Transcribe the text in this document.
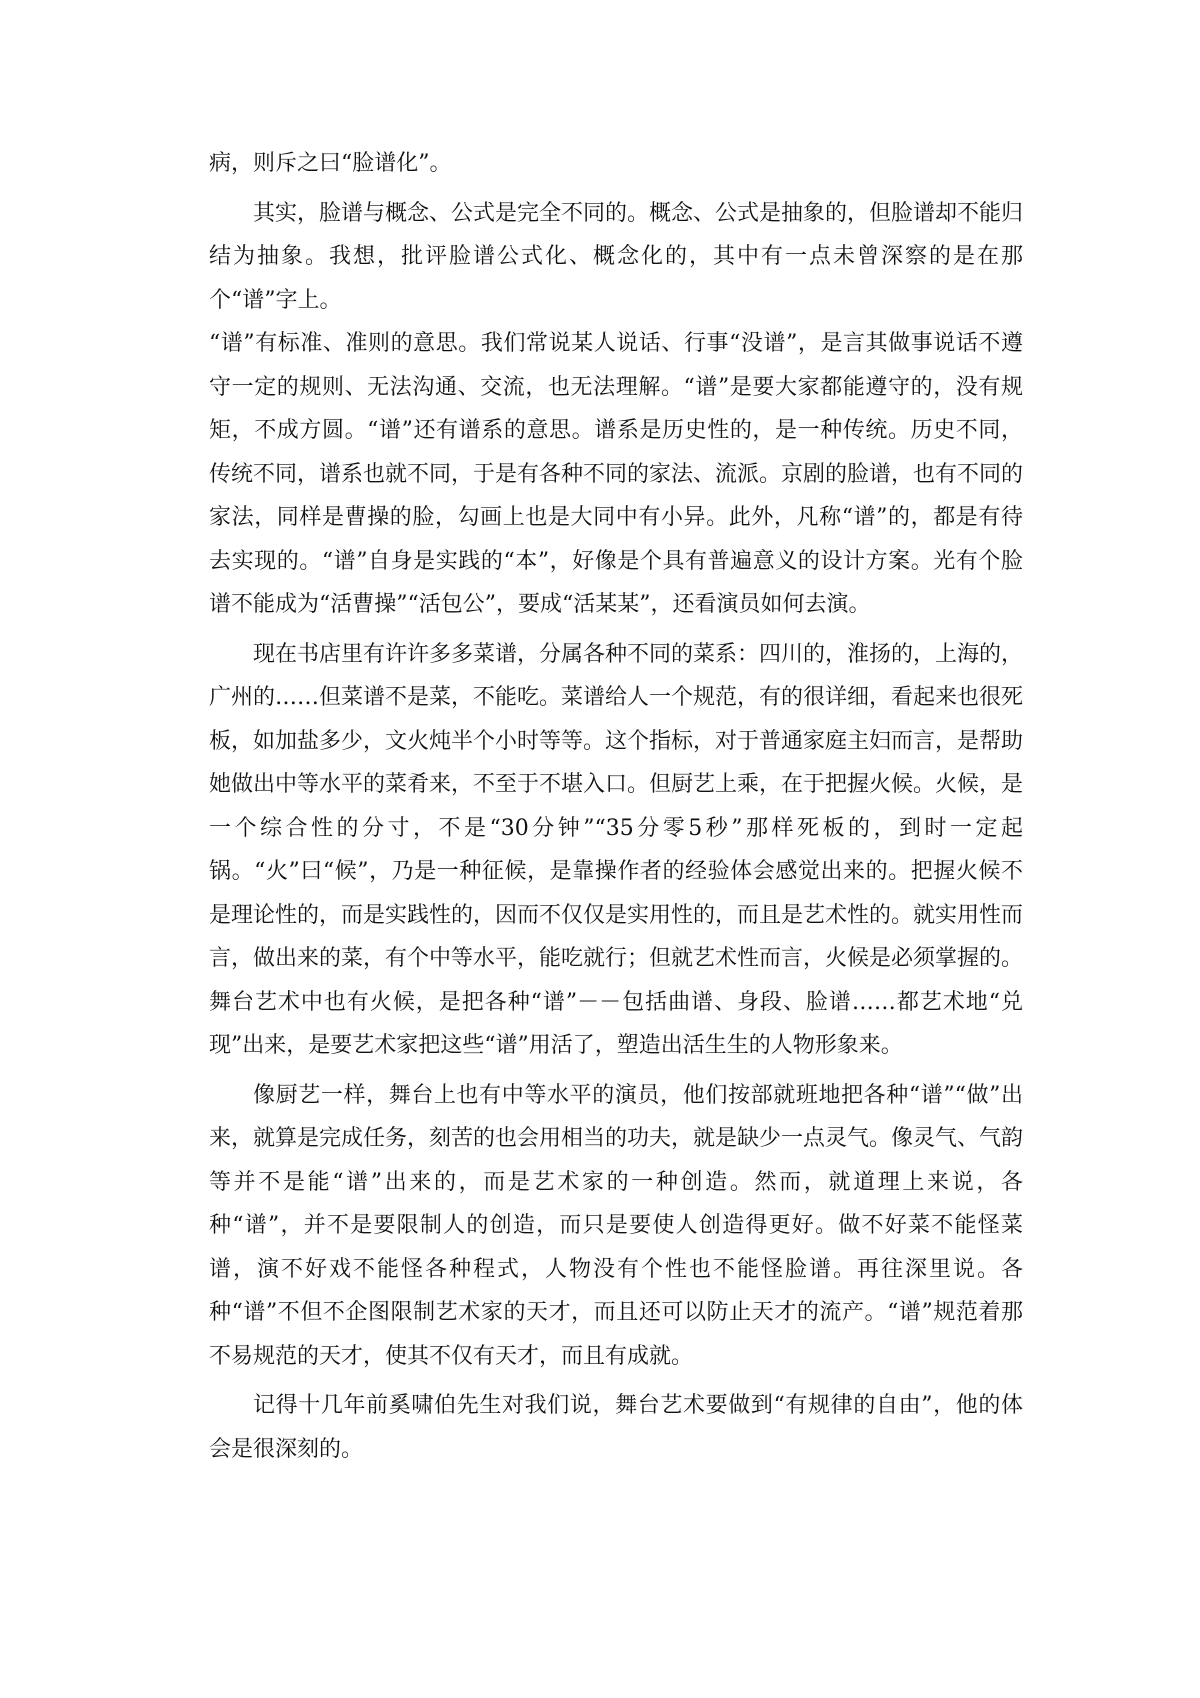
病，则斥之曰“脸谱化”。

其实，脸谱与概念、公式是完全不同的。概念、公式是抽象的，但脸谱却不能归结为抽象。我想，批评脸谱公式化、概念化的，其中有一点未曾深察的是在那个“谱”字上。

“谱”有标准、准则的意思。我们常说某人说话、行事“没谱”，是言其做事说话不遵守一定的规则、无法沟通、交流，也无法理解。“谱”是要大家都能遵守的，没有规矩，不成方圆。“谱”还有谱系的意思。谱系是历史性的，是一种传统。历史不同，传统不同，谱系也就不同，于是有各种不同的家法、流派。京剧的脸谱，也有不同的家法，同样是曹操的脸，勾画上也是大同中有小异。此外，凡称“谱”的，都是有待去实现的。“谱”自身是实践的“本”，好像是个具有普遍意义的设计方案。光有个脸谱不能成为“活曹操”“活包公”，要成“活某某”，还看演员如何去演。

现在书店里有许许多多菜谱，分属各种不同的菜系：四川的，淮扬的，上海的，广州的……但菜谱不是菜，不能吃。菜谱给人一个规范，有的很详细，看起来也很死板，如加盐多少，文火炖半个小时等等。这个指标，对于普通家庭主妇而言，是帮助她做出中等水平的菜肴来，不至于不堪入口。但厨艺上乘，在于把握火候。火候，是一个综合性的分寸，不是“30分钟”“35分零5秒”那样死板的，到时一定起锅。“火”曰“候”，乃是一种征候，是靠操作者的经验体会感觉出来的。把握火候不是理论性的，而是实践性的，因而不仅仅是实用性的，而且是艺术性的。就实用性而言，做出来的菜，有个中等水平，能吃就行；但就艺术性而言，火候是必须掌握的。舞台艺术中也有火候，是把各种“谱”－－包括曲谱、身段、脸谱……都艺术地“兑现”出来，是要艺术家把这些“谱”用活了，塑造出活生生的人物形象来。

像厨艺一样，舞台上也有中等水平的演员，他们按部就班地把各种“谱”“做”出来，就算是完成任务，刻苦的也会用相当的功夫，就是缺少一点灵气。像灵气、气韵等并不是能“谱”出来的，而是艺术家的一种创造。然而，就道理上来说，各种“谱”，并不是要限制人的创造，而只是要使人创造得更好。做不好菜不能怪菜谱，演不好戏不能怪各种程式，人物没有个性也不能怪脸谱。再往深里说。各种“谱”不但不企图限制艺术家的天才，而且还可以防止天才的流产。“谱”规范着那不易规范的天才，使其不仅有天才，而且有成就。

记得十几年前奚啸伯先生对我们说，舞台艺术要做到“有规律的自由”，他的体会是很深刻的。
